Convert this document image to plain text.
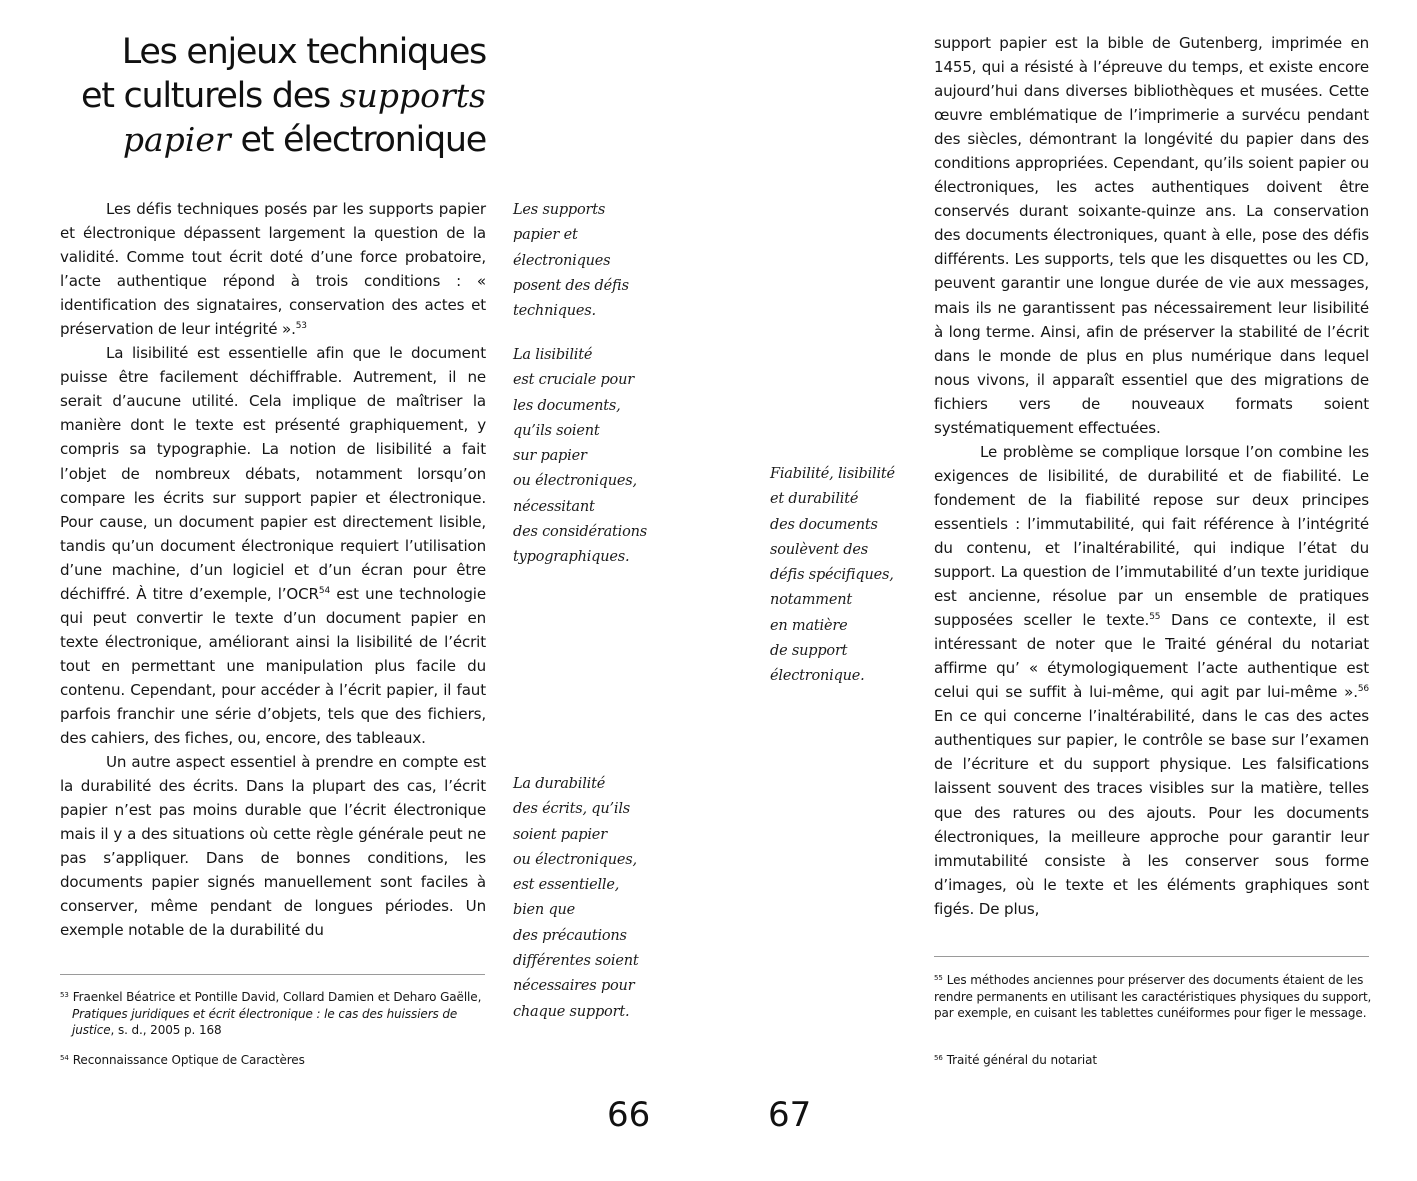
Les enjeux techniques
et culturels des supports
papier et électronique

Les défis techniques posés par les supports papier et électronique dépassent largement la question de la validité. Comme tout écrit doté d’une force probatoire, l’acte authentique répond à trois conditions : « identification des signataires, conservation des actes et préservation de leur intégrité ».$^{53}$

La lisibilité est essentielle afin que le document puisse être facilement déchiffrable. Autrement, il ne serait d’aucune utilité. Cela implique de maîtriser la manière dont le texte est présenté graphiquement, y compris sa typographie. La notion de lisibilité a fait l’objet de nombreux débats, notamment lorsqu’on compare les écrits sur support papier et électronique. Pour cause, un document papier est directement lisible, tandis qu’un document électronique requiert l’utilisation d’une machine, d’un logiciel et d’un écran pour être déchiffré. À titre d’exemple, l’OCR$^{54}$ est une technologie qui peut convertir le texte d’un document papier en texte électronique, améliorant ainsi la lisibilité de l’écrit tout en permettant une manipulation plus facile du contenu. Cependant, pour accéder à l’écrit papier, il faut parfois franchir une série d’objets, tels que des fichiers, des cahiers, des fiches, ou, encore, des tableaux.

Un autre aspect essentiel à prendre en compte est la durabilité des écrits. Dans la plupart des cas, l’écrit papier n’est pas moins durable que l’écrit électronique mais il y a des situations où cette règle générale peut ne pas s’appliquer. Dans de bonnes conditions, les documents papier signés manuellement sont faciles à conserver, même pendant de longues périodes. Un exemple notable de la durabilité du

Les supports
papier et
électroniques
posent des défis
techniques.
La lisibilité
est cruciale pour
les documents,
qu’ils soient
sur papier
ou électroniques,
nécessitant
des considérations
typographiques.
La durabilité
des écrits, qu’ils
soient papier
ou électroniques,
est essentielle,
bien que
des précautions
différentes soient
nécessaires pour
chaque support.

$^{53}$ Fraenkel Béatrice et Pontille David, Collard Damien et Deharo Gaëlle,
Pratiques juridiques et écrit électronique : le cas des huissiers de justice, s. d., 2005 p. 168

$^{54}$ Reconnaissance Optique de Caractères

66

Fiabilité, lisibilité
et durabilité
des documents
soulèvent des
défis spécifiques,
notamment
en matière
de support
électronique.

support papier est la bible de Gutenberg, imprimée en 1455, qui a résisté à l’épreuve du temps, et existe encore aujourd’hui dans diverses bibliothèques et musées. Cette œuvre emblématique de l’imprimerie a survécu pendant des siècles, démontrant la longévité du papier dans des conditions appropriées. Cependant, qu’ils soient papier ou électroniques, les actes authentiques doivent être conservés durant soixante-quinze ans. La conservation des documents électroniques, quant à elle, pose des défis différents. Les supports, tels que les disquettes ou les CD, peuvent garantir une longue durée de vie aux messages, mais ils ne garantissent pas nécessairement leur lisibilité à long terme. Ainsi, afin de préserver la stabilité de l’écrit dans le monde de plus en plus numérique dans lequel nous vivons, il apparaît essentiel que des migrations de fichiers vers de nouveaux formats soient systématiquement effectuées.

Le problème se complique lorsque l’on combine les exigences de lisibilité, de durabilité et de fiabilité. Le fondement de la fiabilité repose sur deux principes essentiels : l’immutabilité, qui fait référence à l’intégrité du contenu, et l’inaltérabilité, qui indique l’état du support. La question de l’immutabilité d’un texte juridique est ancienne, résolue par un ensemble de pratiques supposées sceller le texte.$^{55}$ Dans ce contexte, il est intéressant de noter que le Traité général du notariat affirme qu’ « étymologiquement l’acte authentique est celui qui se suffit à lui-même, qui agit par lui-même ».$^{56}$ En ce qui concerne l’inaltérabilité, dans le cas des actes authentiques sur papier, le contrôle se base sur l’examen de l’écriture et du support physique. Les falsifications laissent souvent des traces visibles sur la matière, telles que des ratures ou des ajouts. Pour les documents électroniques, la meilleure approche pour garantir leur immutabilité consiste à les conserver sous forme d’images, où le texte et les éléments graphiques sont figés. De plus,

$^{55}$ Les méthodes anciennes pour préserver des documents étaient de les rendre permanents en utilisant les caractéristiques physiques du support, par exemple, en cuisant les tablettes cunéiformes pour figer le message.

$^{56}$ Traité général du notariat

67
